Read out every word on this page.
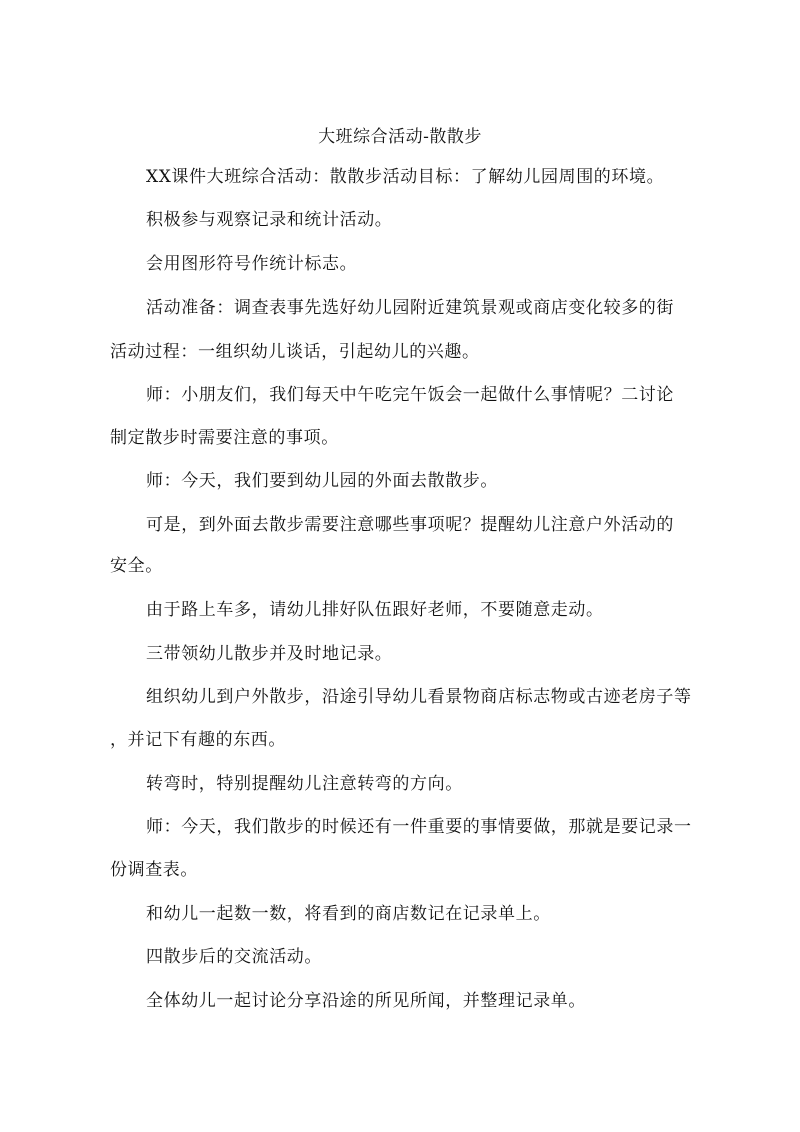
大班综合活动-散散步
XX课件大班综合活动：散散步活动目标：了解幼儿园周围的环境。
积极参与观察记录和统计活动。
会用图形符号作统计标志。
活动准备：调查表事先选好幼儿园附近建筑景观或商店变化较多的街
活动过程：一组织幼儿谈话，引起幼儿的兴趣。
师：小朋友们，我们每天中午吃完午饭会一起做什么事情呢？二讨论
制定散步时需要注意的事项。
师：今天，我们要到幼儿园的外面去散散步。
可是，到外面去散步需要注意哪些事项呢？提醒幼儿注意户外活动的
安全。
由于路上车多，请幼儿排好队伍跟好老师，不要随意走动。
三带领幼儿散步并及时地记录。
组织幼儿到户外散步，沿途引导幼儿看景物商店标志物或古迹老房子等
，并记下有趣的东西。
转弯时，特别提醒幼儿注意转弯的方向。
师：今天，我们散步的时候还有一件重要的事情要做，那就是要记录一
份调查表。
和幼儿一起数一数，将看到的商店数记在记录单上。
四散步后的交流活动。
全体幼儿一起讨论分享沿途的所见所闻，并整理记录单。
